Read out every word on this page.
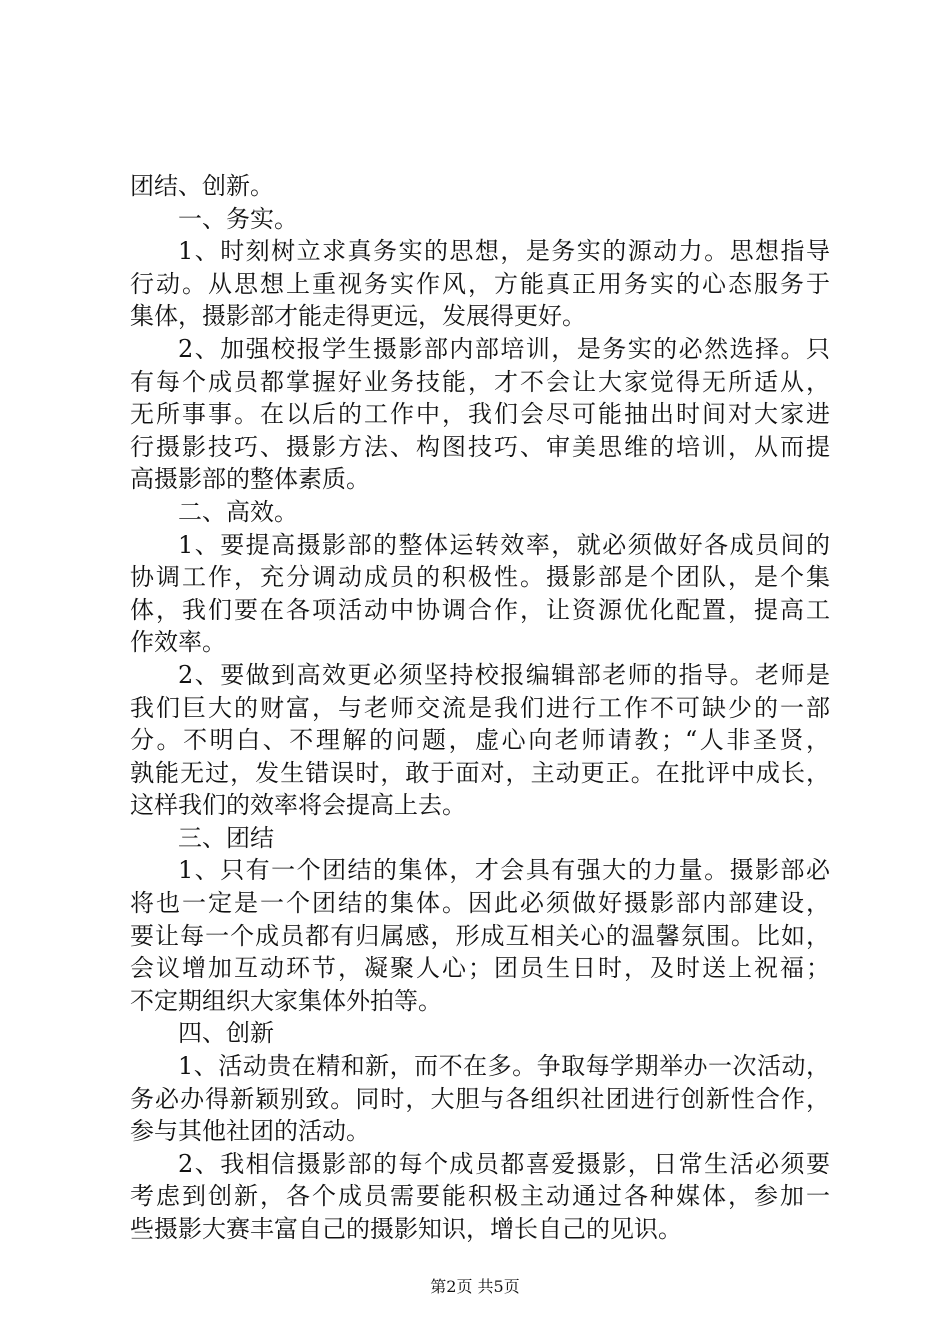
团结、创新。
一、务实。
1、时刻树立求真务实的思想，是务实的源动力。思想指导
行动。从思想上重视务实作风，方能真正用务实的心态服务于
集体，摄影部才能走得更远，发展得更好。
2、加强校报学生摄影部内部培训，是务实的必然选择。只
有每个成员都掌握好业务技能，才不会让大家觉得无所适从，
无所事事。在以后的工作中，我们会尽可能抽出时间对大家进
行摄影技巧、摄影方法、构图技巧、审美思维的培训，从而提
高摄影部的整体素质。
二、高效。
1、要提高摄影部的整体运转效率，就必须做好各成员间的
协调工作，充分调动成员的积极性。摄影部是个团队，是个集
体，我们要在各项活动中协调合作，让资源优化配置，提高工
作效率。
2、要做到高效更必须坚持校报编辑部老师的指导。老师是
我们巨大的财富，与老师交流是我们进行工作不可缺少的一部
分。不明白、不理解的问题，虚心向老师请教；“人非圣贤，
孰能无过，发生错误时，敢于面对，主动更正。在批评中成长，
这样我们的效率将会提高上去。
三、团结
1、只有一个团结的集体，才会具有强大的力量。摄影部必
将也一定是一个团结的集体。因此必须做好摄影部内部建设，
要让每一个成员都有归属感，形成互相关心的温馨氛围。比如，
会议增加互动环节，凝聚人心；团员生日时，及时送上祝福；
不定期组织大家集体外拍等。
四、创新
1、活动贵在精和新，而不在多。争取每学期举办一次活动，
务必办得新颖别致。同时，大胆与各组织社团进行创新性合作，
参与其他社团的活动。
2、我相信摄影部的每个成员都喜爱摄影，日常生活必须要
考虑到创新，各个成员需要能积极主动通过各种媒体，参加一
些摄影大赛丰富自己的摄影知识，增长自己的见识。
第2页 共5页
